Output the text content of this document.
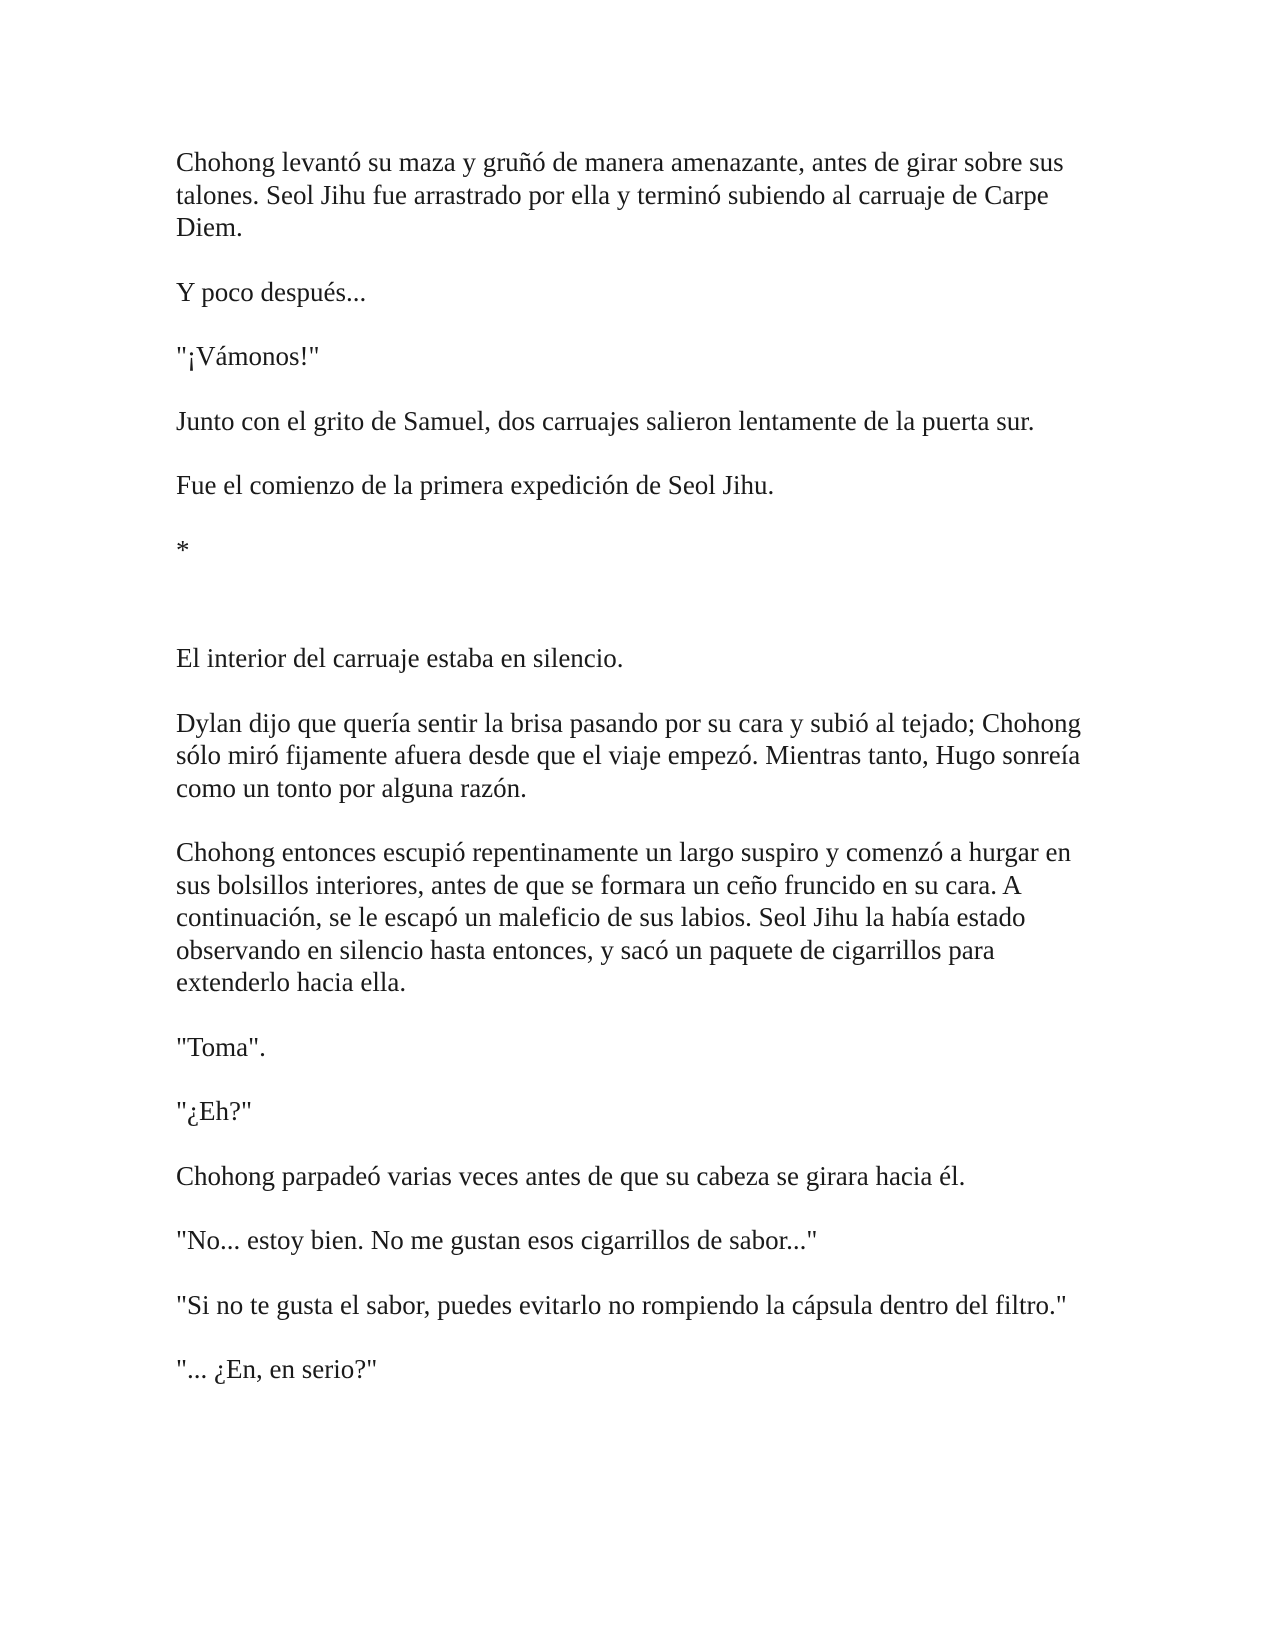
Chohong levantó su maza y gruñó de manera amenazante, antes de girar sobre sus talones. Seol Jihu fue arrastrado por ella y terminó subiendo al carruaje de Carpe Diem.

Y poco después...

"¡Vámonos!"

Junto con el grito de Samuel, dos carruajes salieron lentamente de la puerta sur.

Fue el comienzo de la primera expedición de Seol Jihu.

*

El interior del carruaje estaba en silencio.

Dylan dijo que quería sentir la brisa pasando por su cara y subió al tejado; Chohong sólo miró fijamente afuera desde que el viaje empezó. Mientras tanto, Hugo sonreía como un tonto por alguna razón.

Chohong entonces escupió repentinamente un largo suspiro y comenzó a hurgar en sus bolsillos interiores, antes de que se formara un ceño fruncido en su cara. A continuación, se le escapó un maleficio de sus labios. Seol Jihu la había estado observando en silencio hasta entonces, y sacó un paquete de cigarrillos para extenderlo hacia ella.

"Toma".

"¿Eh?"

Chohong parpadeó varias veces antes de que su cabeza se girara hacia él.

"No... estoy bien. No me gustan esos cigarrillos de sabor..."

"Si no te gusta el sabor, puedes evitarlo no rompiendo la cápsula dentro del filtro."

"... ¿En, en serio?"
